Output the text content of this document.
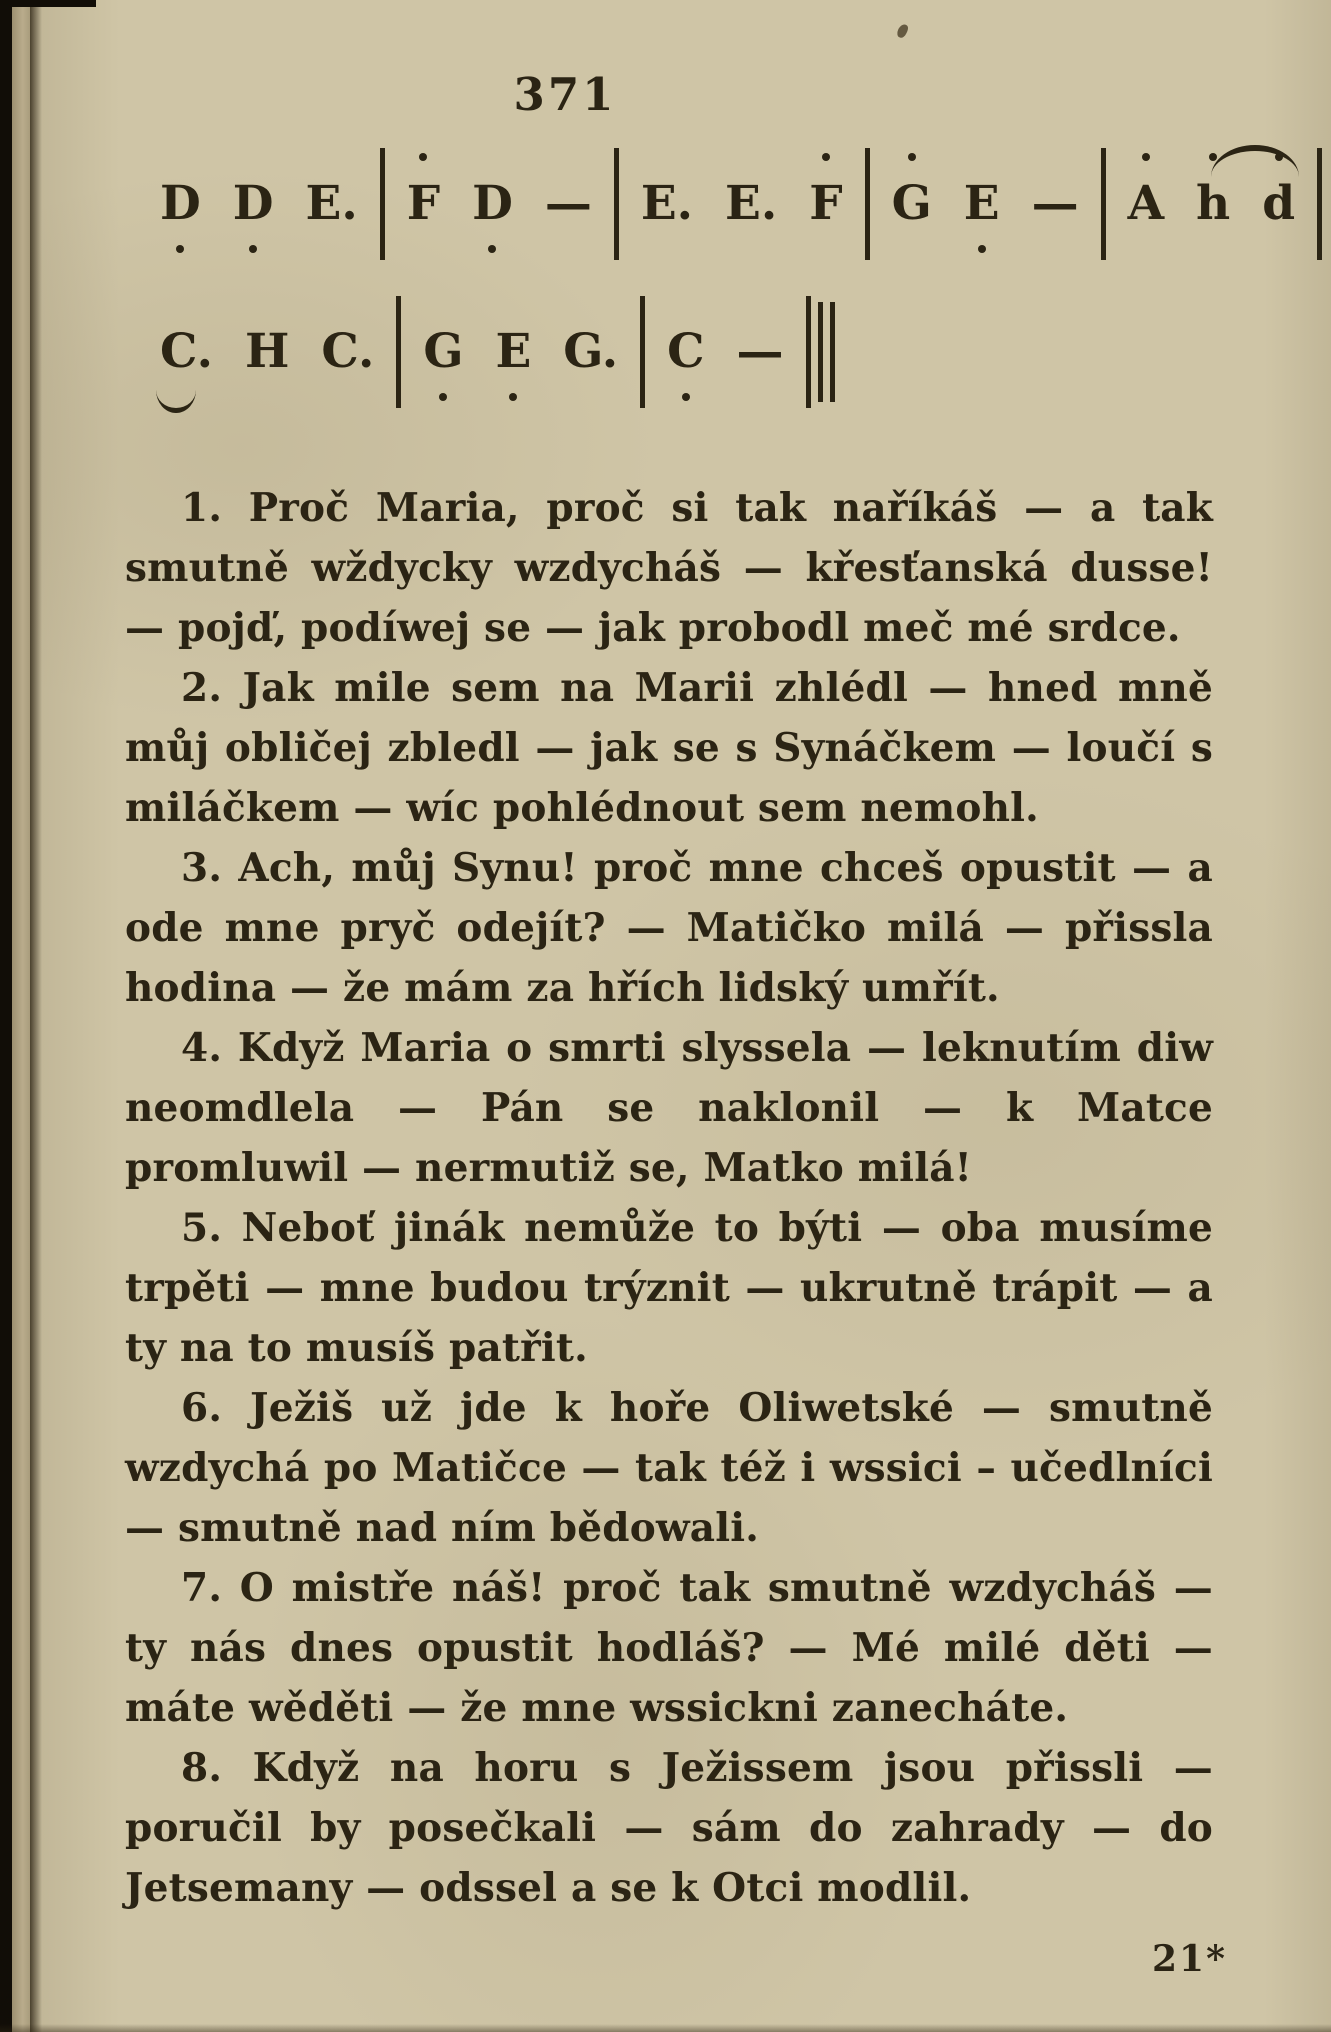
371
D D E. F D — E. E. F G E — A h d
C. H C. G E G. C —

1. Proč Maria, proč si tak naříkáš — a tak smutně wždycky wzdycháš — křesťanská dusse! — pojď, podíwej se — jak probodl meč mé srdce.

2. Jak mile sem na Marii zhlédl — hned mně můj obličej zbledl — jak se s Synáčkem — loučí s miláčkem — wíc pohlédnout sem nemohl.

3. Ach, můj Synu! proč mne chceš opustit — a ode mne pryč odejít? — Matičko milá — přissla hodina — že mám za hřích lidský umřít.

4. Když Maria o smrti slyssela — leknutím diw neomdlela — Pán se naklonil — k Matce promluwil — nermutiž se, Matko milá!

5. Neboť jinák nemůže to býti — oba musíme trpěti — mne budou trýznit — ukrutně trápit — a ty na to musíš patřit.

6. Ježiš už jde k hoře Oliwetské — smutně wzdychá po Matičce — tak též i wssici – učedlníci — smutně nad ním bědowali.

7. O mistře náš! proč tak smutně wzdycháš — ty nás dnes opustit hodláš? — Mé milé děti — máte wěděti — že mne wssickni zanecháte.

8. Když na horu s Ježissem jsou přissli — poručil by posečkali — sám do zahrady — do Jetsemany — odssel a se k Otci modlil.

21*
